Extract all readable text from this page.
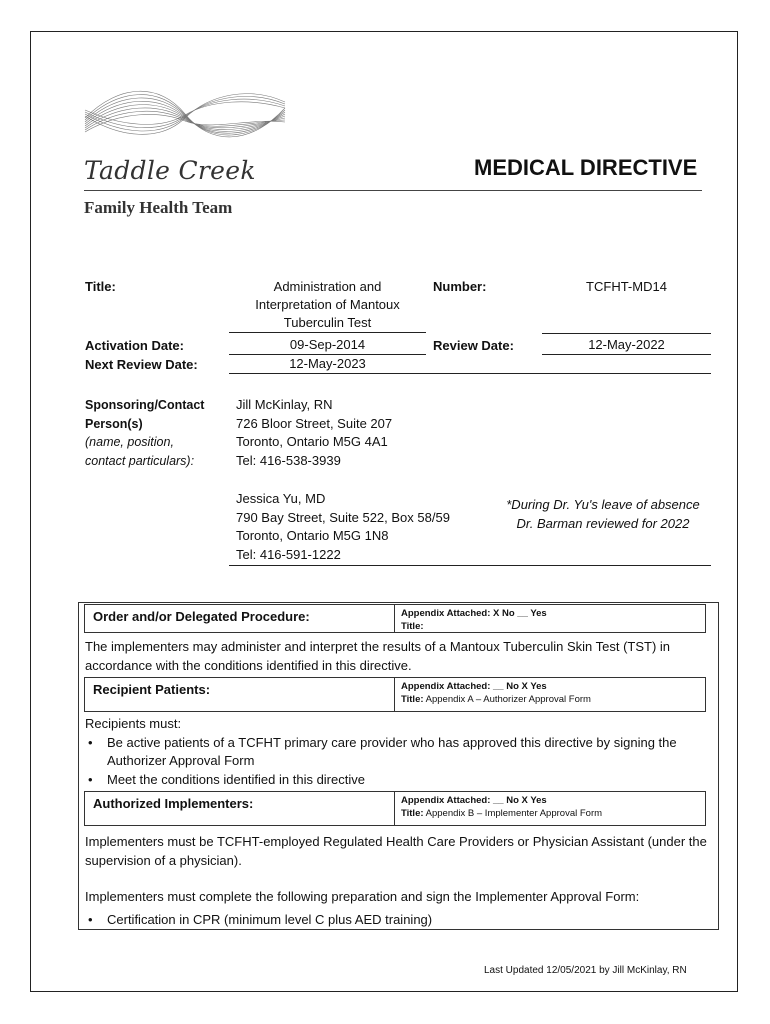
Taddle Creek
Family Health Team
MEDICAL DIRECTIVE
Title:	Administration and
Interpretation of Mantoux
Tuberculin Test
Number:	TCFHT-MD14
Activation Date:	09-Sep-2014	Review Date:	12-May-2022
Next Review Date:	12-May-2023
Sponsoring/Contact
Person(s)
(name, position,
contact particulars):
Jill McKinlay, RN
726 Bloor Street, Suite 207
Toronto, Ontario M5G 4A1
Tel: 416-538-3939
Jessica Yu, MD
790 Bay Street, Suite 522, Box 58/59
Toronto, Ontario M5G 1N8
Tel: 416-591-1222
*During Dr. Yu's leave of absence
Dr. Barman reviewed for 2022
Order and/or Delegated Procedure:	Appendix Attached: X No __ Yes
Title:
The implementers may administer and interpret the results of a Mantoux Tuberculin Skin Test (TST) in
accordance with the conditions identified in this directive.
Recipient Patients:	Appendix Attached: __ No X Yes
Title: Appendix A – Authorizer Approval Form
Recipients must:
• Be active patients of a TCFHT primary care provider who has approved this directive by signing the Authorizer Approval Form
• Meet the conditions identified in this directive
Authorized Implementers:	Appendix Attached: __ No X Yes
Title: Appendix B – Implementer Approval Form
Implementers must be TCFHT-employed Regulated Health Care Providers or Physician Assistant (under the supervision of a physician).
Implementers must complete the following preparation and sign the Implementer Approval Form:
• Certification in CPR (minimum level C plus AED training)
Last Updated 12/05/2021 by Jill McKinlay, RN
